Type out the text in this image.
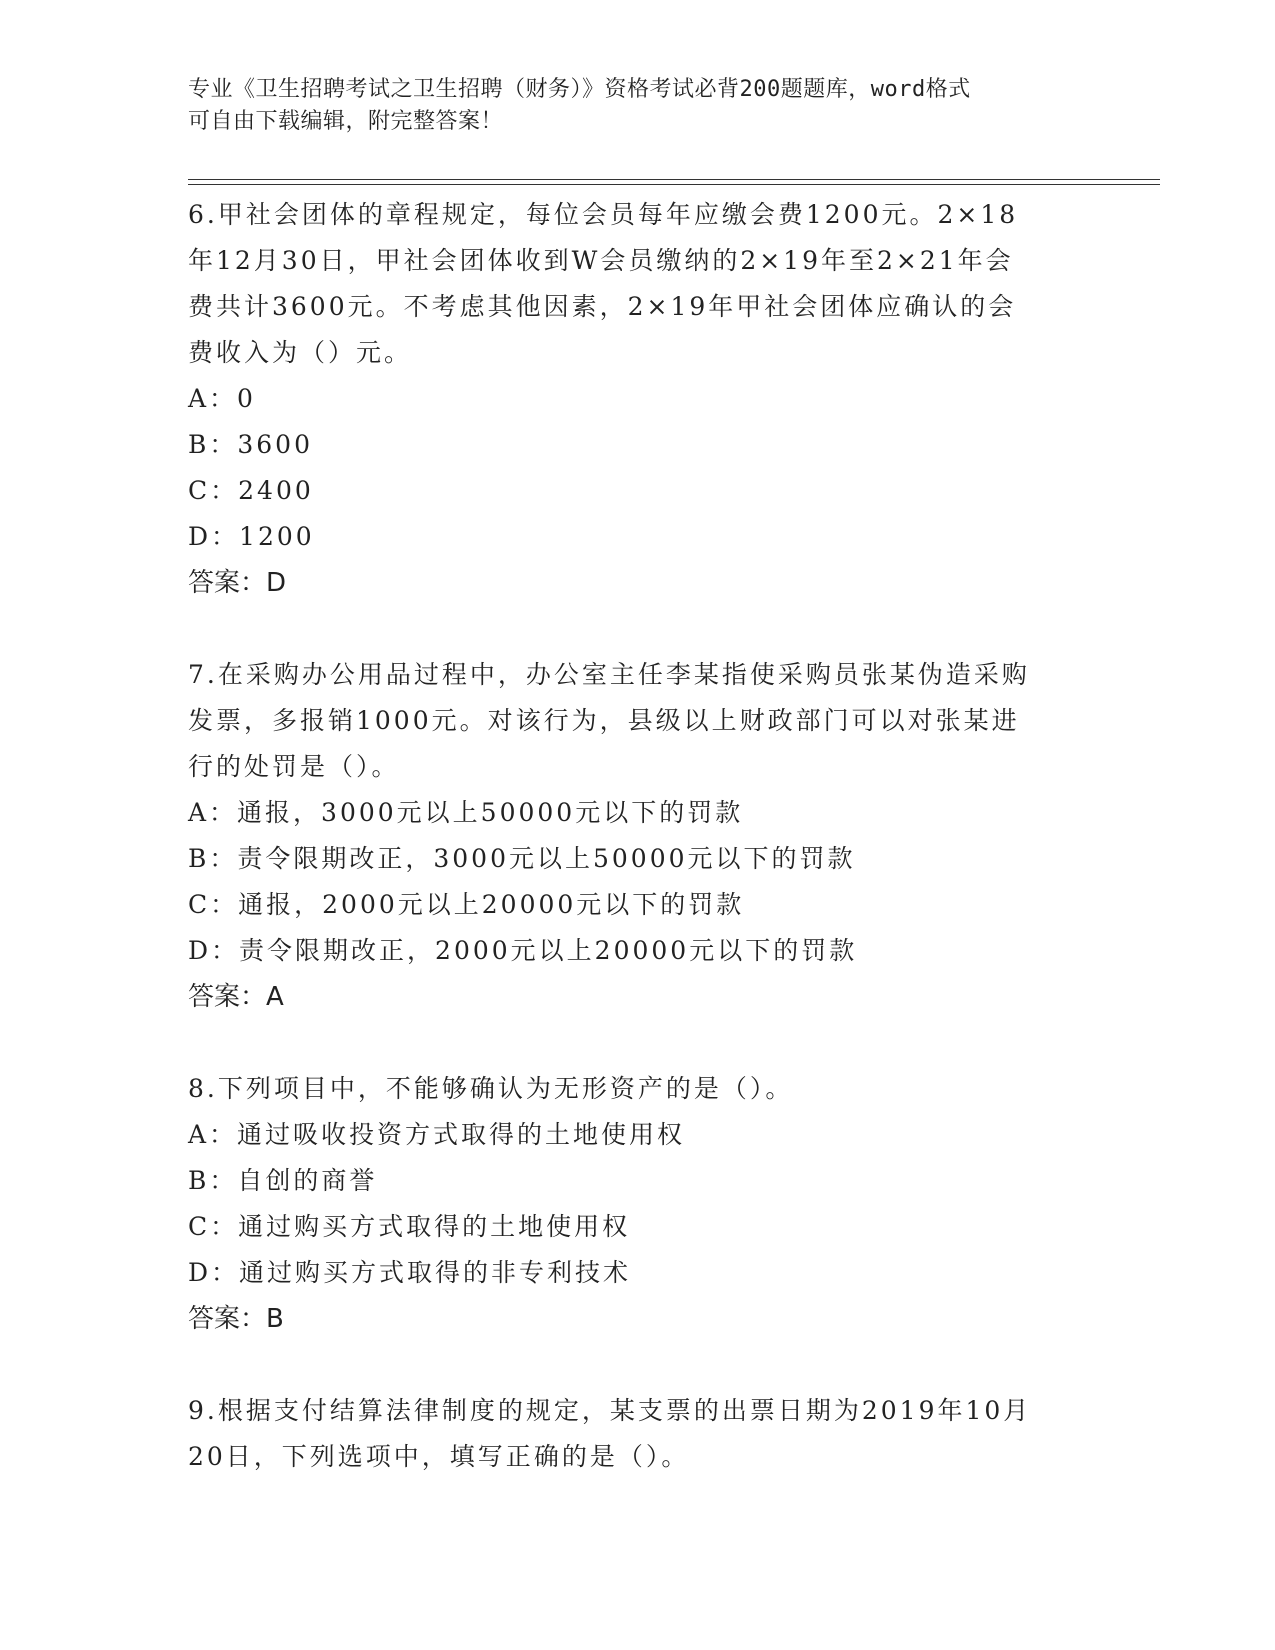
专业《卫生招聘考试之卫生招聘（财务）》资格考试必背200题题库，word格式
可自由下载编辑，附完整答案！

6.甲社会团体的章程规定，每位会员每年应缴会费1200元。2×18年12月30日，甲社会团体收到W会员缴纳的2×19年至2×21年会费共计3600元。不考虑其他因素，2×19年甲社会团体应确认的会费收入为（）元。

A：0

B：3600

C：2400

D：1200

答案：D

7.在采购办公用品过程中，办公室主任李某指使采购员张某伪造采购发票，多报销1000元。对该行为，县级以上财政部门可以对张某进行的处罚是（）。

A：通报，3000元以上50000元以下的罚款

B：责令限期改正，3000元以上50000元以下的罚款

C：通报，2000元以上20000元以下的罚款

D：责令限期改正，2000元以上20000元以下的罚款

答案：A

8.下列项目中，不能够确认为无形资产的是（）。

A：通过吸收投资方式取得的土地使用权

B：自创的商誉

C：通过购买方式取得的土地使用权

D：通过购买方式取得的非专利技术

答案：B

9.根据支付结算法律制度的规定，某支票的出票日期为2019年10月20日，下列选项中，填写正确的是（）。
